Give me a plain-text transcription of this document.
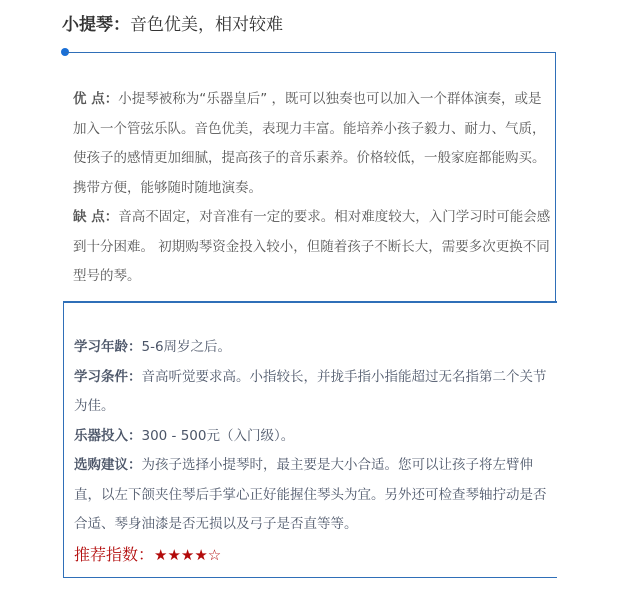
小提琴：音色优美，相对较难

优 点：小提琴被称为“乐器皇后” ，既可以独奏也可以加入一个群体演奏，或是加入一个管弦乐队。音色优美，表现力丰富。能培养小孩子毅力、耐力、气质，使孩子的感情更加细腻，提高孩子的音乐素养。价格较低，一般家庭都能购买。携带方便，能够随时随地演奏。

缺 点：音高不固定，对音准有一定的要求。相对难度较大，入门学习时可能会感到十分困难。 初期购琴资金投入较小，但随着孩子不断长大，需要多次更换不同型号的琴。

学习年龄：5-6周岁之后。

学习条件：音高听觉要求高。小指较长，并拢手指小指能超过无名指第二个关节为佳。

乐器投入：300 - 500元（入门级）。

选购建议：为孩子选择小提琴时，最主要是大小合适。您可以让孩子将左臂伸直，以左下颌夹住琴后手掌心正好能握住琴头为宜。另外还可检查琴轴拧动是否合适、琴身油漆是否无损以及弓子是否直等等。

推荐指数：★★★★☆
